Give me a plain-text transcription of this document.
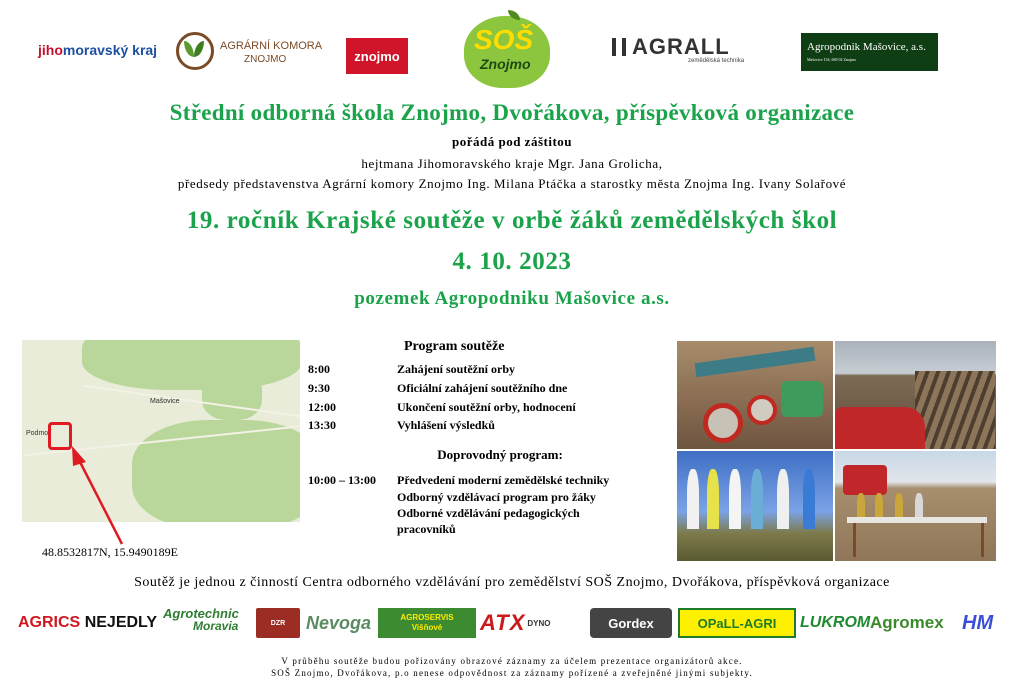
jihomoravský kraj	AGRÁRNÍ KOMORA
ZNOJMO	znojmo
SOŠ
Znojmo
AGRALL
zemědělská technika
Agropodnik Mašovice, a.s.
Mašovice 154, 669 02 Znojmo
Střední odborná škola Znojmo, Dvořákova, příspěvková organizace
pořádá pod záštitou
hejtmana Jihomoravského kraje Mgr. Jana Grolicha,
předsedy představenstva Agrární komory Znojmo Ing. Milana Ptáčka a starostky města Znojma Ing. Ivany Solařové
19. ročník Krajské soutěže v orbě žáků zemědělských škol
4. 10. 2023
pozemek Agropodniku Mašovice a.s.
Mašovice
Podmolí
48.8532817N, 15.9490189E
Program soutěže
8:00	Zahájení soutěžní orby
9:30	Oficiální zahájení soutěžního dne
12:00	Ukončení soutěžní orby, hodnocení
13:30	Vyhlášení výsledků
Doprovodný program:
10:00 – 13:00 Předvedení moderní zemědělské techniky
Odborný vzdělávací program pro žáky
Odborné vzdělávání pedagogických
pracovníků
Soutěž je jednou z činností Centra odborného vzdělávání pro zemědělství SOŠ Znojmo, Dvořákova, příspěvková organizace
AGRICS
NEJEDLY
Agrotechnic
Moravia	DZR	Nevoga	AGROSERVIS
Višňové ATX DYNO	Gordex	OPaLL-AGRI	LUKROM Agromex HM
V průběhu soutěže budou pořizovány obrazové záznamy za účelem prezentace organizátorů akce.
SOŠ Znojmo, Dvořákova, p.o nenese odpovědnost za záznamy pořízené a zveřejněné jinými subjekty.
